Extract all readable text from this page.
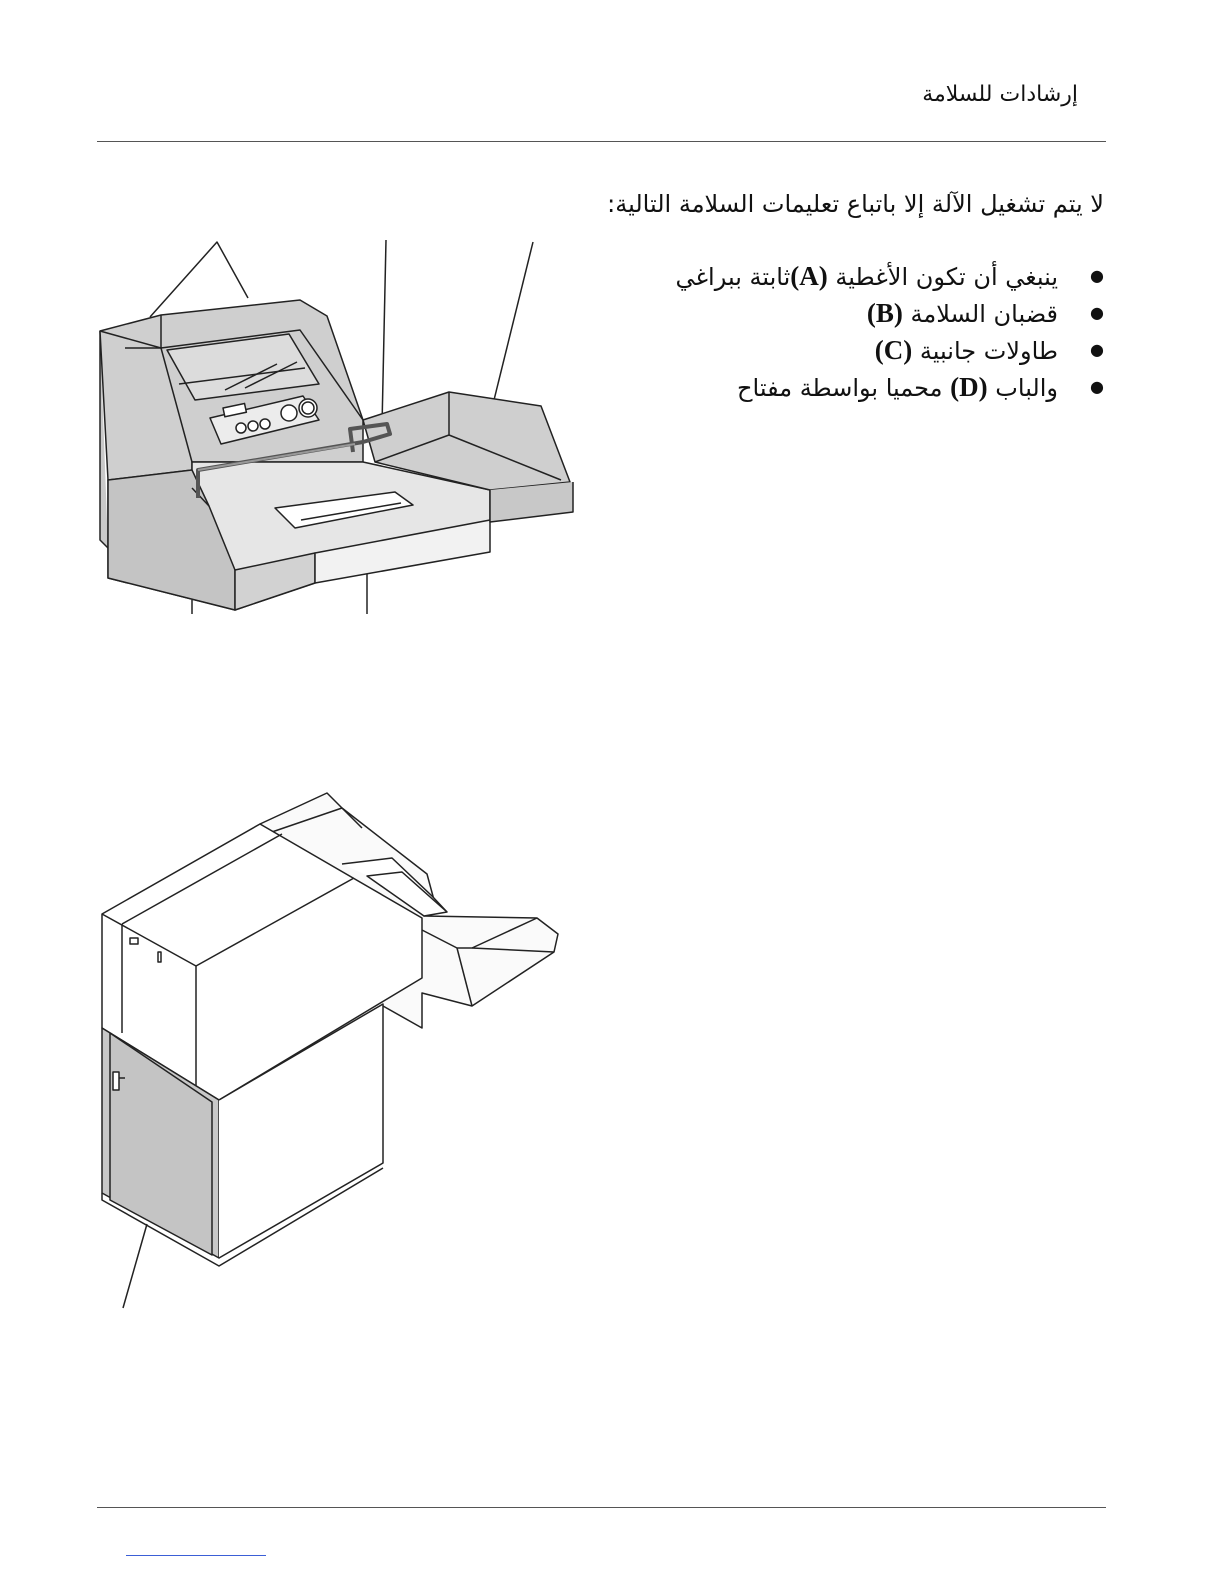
إرشادات للسلامة
لا يتم تشغيل الآلة إلا باتباع تعليمات السلامة التالية:
●
ينبغي أن تكون الأغطية (A)ثابتة ببراغي
●
قضبان السلامة (B)
●
طاولات جانبية (C)
●
والباب (D) محميا بواسطة مفتاح
